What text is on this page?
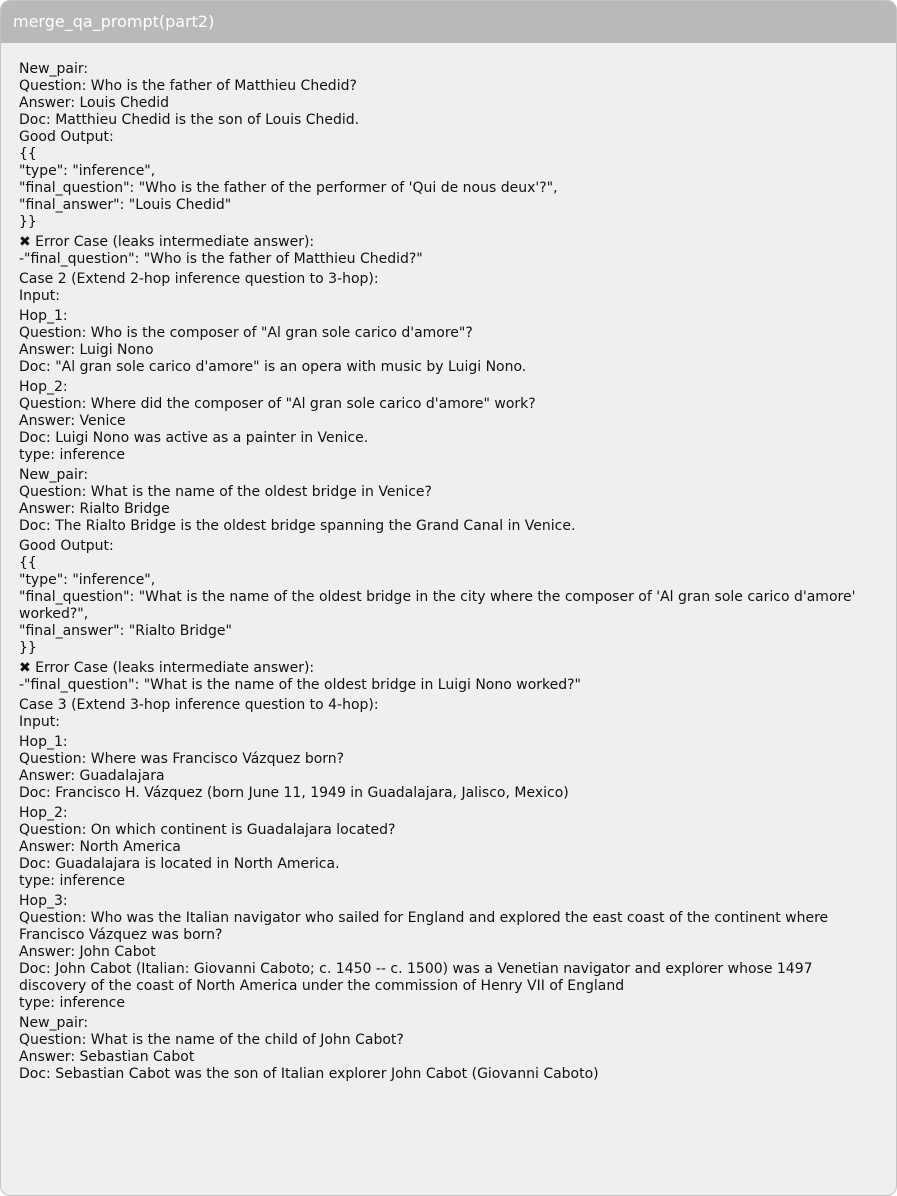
merge_qa_prompt(part2)
New_pair:
Question: Who is the father of Matthieu Chedid?
Answer: Louis Chedid
Doc: Matthieu Chedid is the son of Louis Chedid.
Good Output:
{{
"type": "inference",
"final_question": "Who is the father of the performer of 'Qui de nous deux'?",
"final_answer": "Louis Chedid"
}}
✖ Error Case (leaks intermediate answer):
-"final_question": "Who is the father of Matthieu Chedid?"
Case 2 (Extend 2-hop inference question to 3-hop):
Input:
Hop_1:
Question: Who is the composer of "Al gran sole carico d'amore"?
Answer: Luigi Nono
Doc: "Al gran sole carico d'amore" is an opera with music by Luigi Nono.
Hop_2:
Question: Where did the composer of "Al gran sole carico d'amore" work?
Answer: Venice
Doc: Luigi Nono was active as a painter in Venice.
type: inference
New_pair:
Question: What is the name of the oldest bridge in Venice?
Answer: Rialto Bridge
Doc: The Rialto Bridge is the oldest bridge spanning the Grand Canal in Venice.
Good Output:
{{
"type": "inference",
"final_question": "What is the name of the oldest bridge in the city where the composer of 'Al gran sole carico d'amore' worked?",
"final_answer": "Rialto Bridge"
}}
✖ Error Case (leaks intermediate answer):
-"final_question": "What is the name of the oldest bridge in Luigi Nono worked?"
Case 3 (Extend 3-hop inference question to 4-hop):
Input:
Hop_1:
Question: Where was Francisco Vázquez born?
Answer: Guadalajara
Doc: Francisco H. Vázquez (born June 11, 1949 in Guadalajara, Jalisco, Mexico)
Hop_2:
Question: On which continent is Guadalajara located?
Answer: North America
Doc: Guadalajara is located in North America.
type: inference
Hop_3:
Question: Who was the Italian navigator who sailed for England and explored the east coast of the continent where Francisco Vázquez was born?
Answer: John Cabot
Doc: John Cabot (Italian: Giovanni Caboto; c. 1450 -- c. 1500) was a Venetian navigator and explorer whose 1497 discovery of the coast of North America under the commission of Henry VII of England
type: inference
New_pair:
Question: What is the name of the child of John Cabot?
Answer: Sebastian Cabot
Doc: Sebastian Cabot was the son of Italian explorer John Cabot (Giovanni Caboto)
